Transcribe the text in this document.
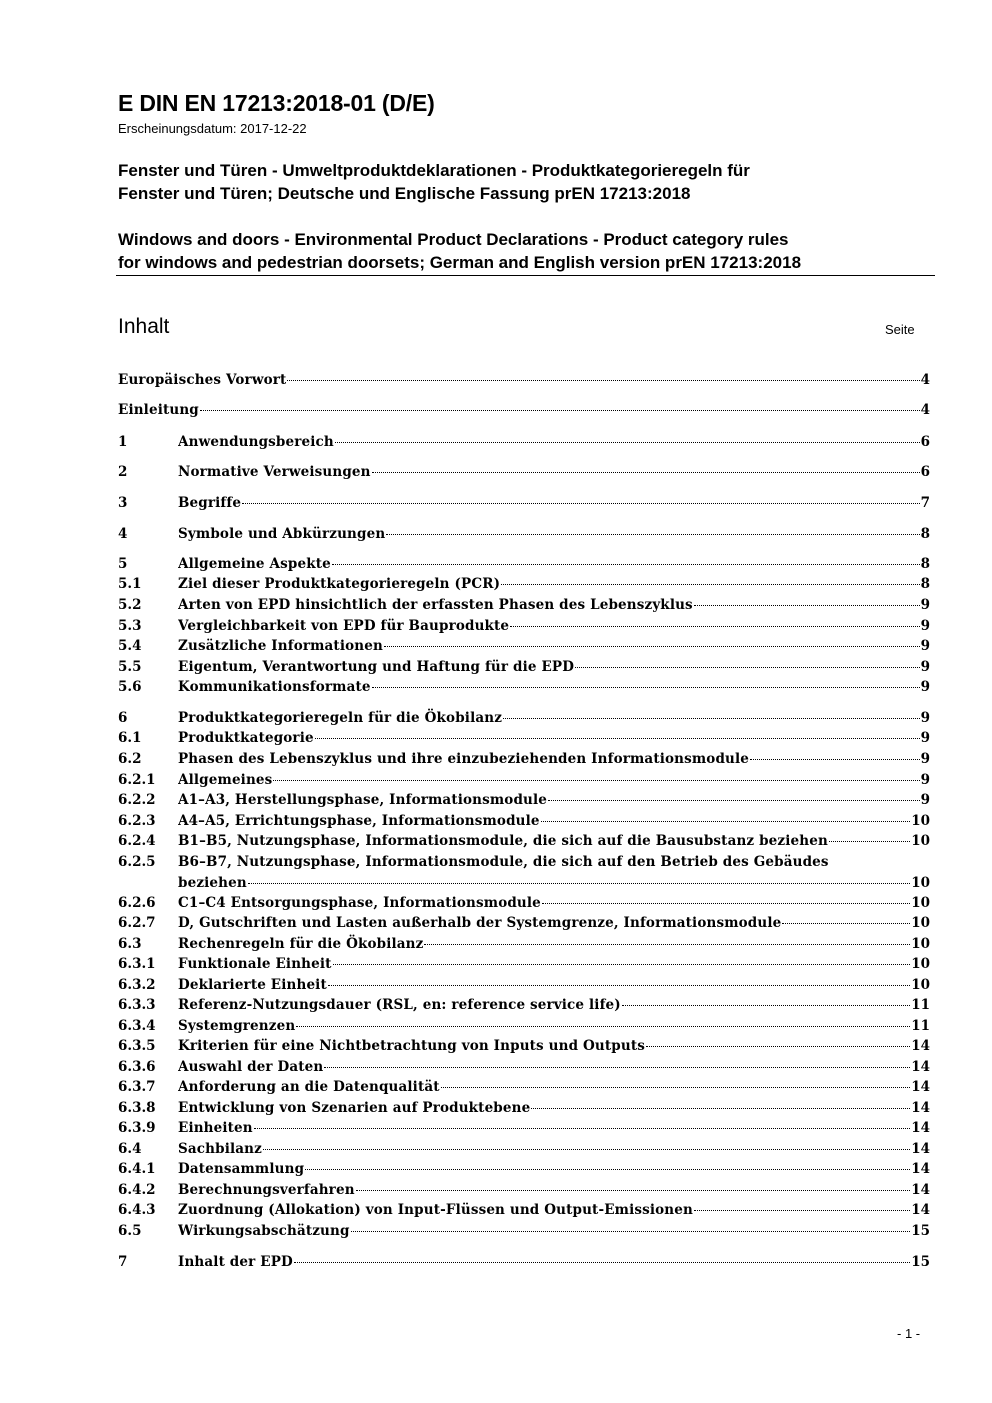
E DIN EN 17213:2018-01 (D/E)
Erscheinungsdatum: 2017-12-22
Fenster und Türen - Umweltproduktdeklarationen - Produktkategorieregeln für
Fenster und Türen; Deutsche und Englische Fassung prEN 17213:2018
Windows and doors - Environmental Product Declarations - Product category rules
for windows and pedestrian doorsets; German and English version prEN 17213:2018
Inhalt	Seite
Europäisches Vorwort	4
Einleitung	4
1	Anwendungsbereich	6
2	Normative Verweisungen	6
3	Begriffe	7
4	Symbole und Abkürzungen	8
5	Allgemeine Aspekte	8
5.1	Ziel dieser Produktkategorieregeln (PCR)	8
5.2	Arten von EPD hinsichtlich der erfassten Phasen des Lebenszyklus	9
5.3	Vergleichbarkeit von EPD für Bauprodukte	9
5.4	Zusätzliche Informationen	9
5.5	Eigentum, Verantwortung und Haftung für die EPD	9
5.6	Kommunikationsformate	9
6	Produktkategorieregeln für die Ökobilanz	9
6.1	Produktkategorie	9
6.2	Phasen des Lebenszyklus und ihre einzubeziehenden Informationsmodule	9
6.2.1	Allgemeines	9
6.2.2	A1–A3, Herstellungsphase, Informationsmodule	9
6.2.3	A4–A5, Errichtungsphase, Informationsmodule	10
6.2.4	B1–B5, Nutzungsphase, Informationsmodule, die sich auf die Bausubstanz beziehen	10
6.2.5	B6–B7, Nutzungsphase, Informationsmodule, die sich auf den Betrieb des Gebäudes
beziehen	10
6.2.6	C1–C4 Entsorgungsphase, Informationsmodule	10
6.2.7	D, Gutschriften und Lasten außerhalb der Systemgrenze, Informationsmodule	10
6.3	Rechenregeln für die Ökobilanz	10
6.3.1	Funktionale Einheit	10
6.3.2	Deklarierte Einheit	10
6.3.3	Referenz-Nutzungsdauer (RSL, en: reference service life)	11
6.3.4	Systemgrenzen	11
6.3.5	Kriterien für eine Nichtbetrachtung von Inputs und Outputs	14
6.3.6	Auswahl der Daten	14
6.3.7	Anforderung an die Datenqualität	14
6.3.8	Entwicklung von Szenarien auf Produktebene	14
6.3.9	Einheiten	14
6.4	Sachbilanz	14
6.4.1	Datensammlung	14
6.4.2	Berechnungsverfahren	14
6.4.3	Zuordnung (Allokation) von Input-Flüssen und Output-Emissionen	14
6.5	Wirkungsabschätzung	15
7	Inhalt der EPD	15
- 1 -
